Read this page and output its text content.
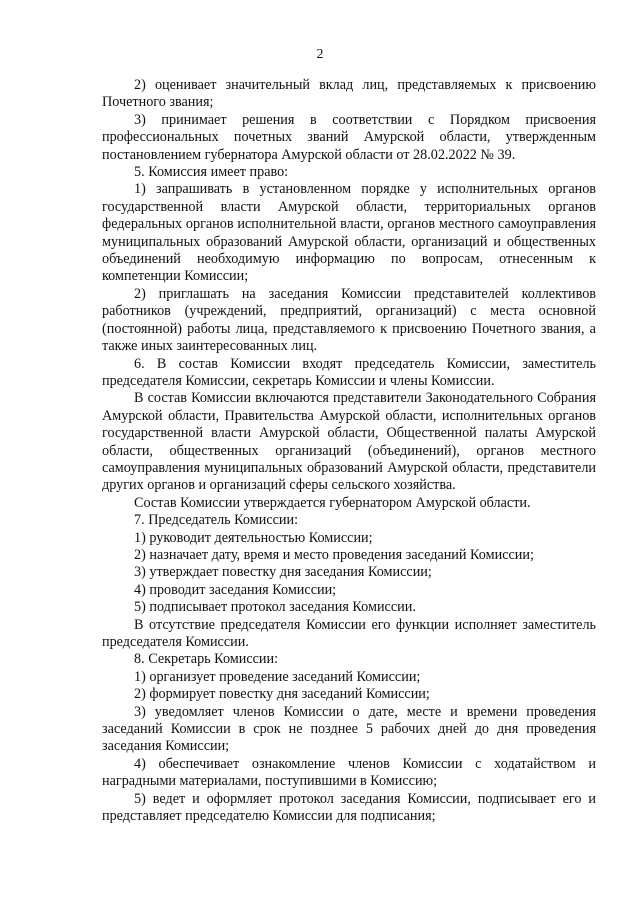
2

2) оценивает значительный вклад лиц, представляемых к присвоению Почетного звания;

3) принимает решения в соответствии с Порядком присвоения профессиональных почетных званий Амурской области, утвержденным постановлением губернатора Амурской области от 28.02.2022 № 39.

5. Комиссия имеет право:

1) запрашивать в установленном порядке у исполнительных органов государственной власти Амурской области, территориальных органов федеральных органов исполнительной власти, органов местного самоуправления муниципальных образований Амурской области, организаций и общественных объединений необходимую информацию по вопросам, отнесенным к компетенции Комиссии;

2) приглашать на заседания Комиссии представителей коллективов работников (учреждений, предприятий, организаций) с места основной (постоянной) работы лица, представляемого к присвоению Почетного звания, а также иных заинтересованных лиц.

6. В состав Комиссии входят председатель Комиссии, заместитель председателя Комиссии, секретарь Комиссии и члены Комиссии.

В состав Комиссии включаются представители Законодательного Собрания Амурской области, Правительства Амурской области, исполнительных органов государственной власти Амурской области, Общественной палаты Амурской области, общественных организаций (объединений), органов местного самоуправления муниципальных образований Амурской области, представители других органов и организаций сферы сельского хозяйства.

Состав Комиссии утверждается губернатором Амурской области.

7. Председатель Комиссии:

1) руководит деятельностью Комиссии;

2) назначает дату, время и место проведения заседаний Комиссии;

3) утверждает повестку дня заседания Комиссии;

4) проводит заседания Комиссии;

5) подписывает протокол заседания Комиссии.

В отсутствие председателя Комиссии его функции исполняет заместитель председателя Комиссии.

8. Секретарь Комиссии:

1) организует проведение заседаний Комиссии;

2) формирует повестку дня заседаний Комиссии;

3) уведомляет членов Комиссии о дате, месте и времени проведения заседаний Комиссии в срок не позднее 5 рабочих дней до дня проведения заседания Комиссии;

4) обеспечивает ознакомление членов Комиссии с ходатайством и наградными материалами, поступившими в Комиссию;

5) ведет и оформляет протокол заседания Комиссии, подписывает его и представляет председателю Комиссии для подписания;
